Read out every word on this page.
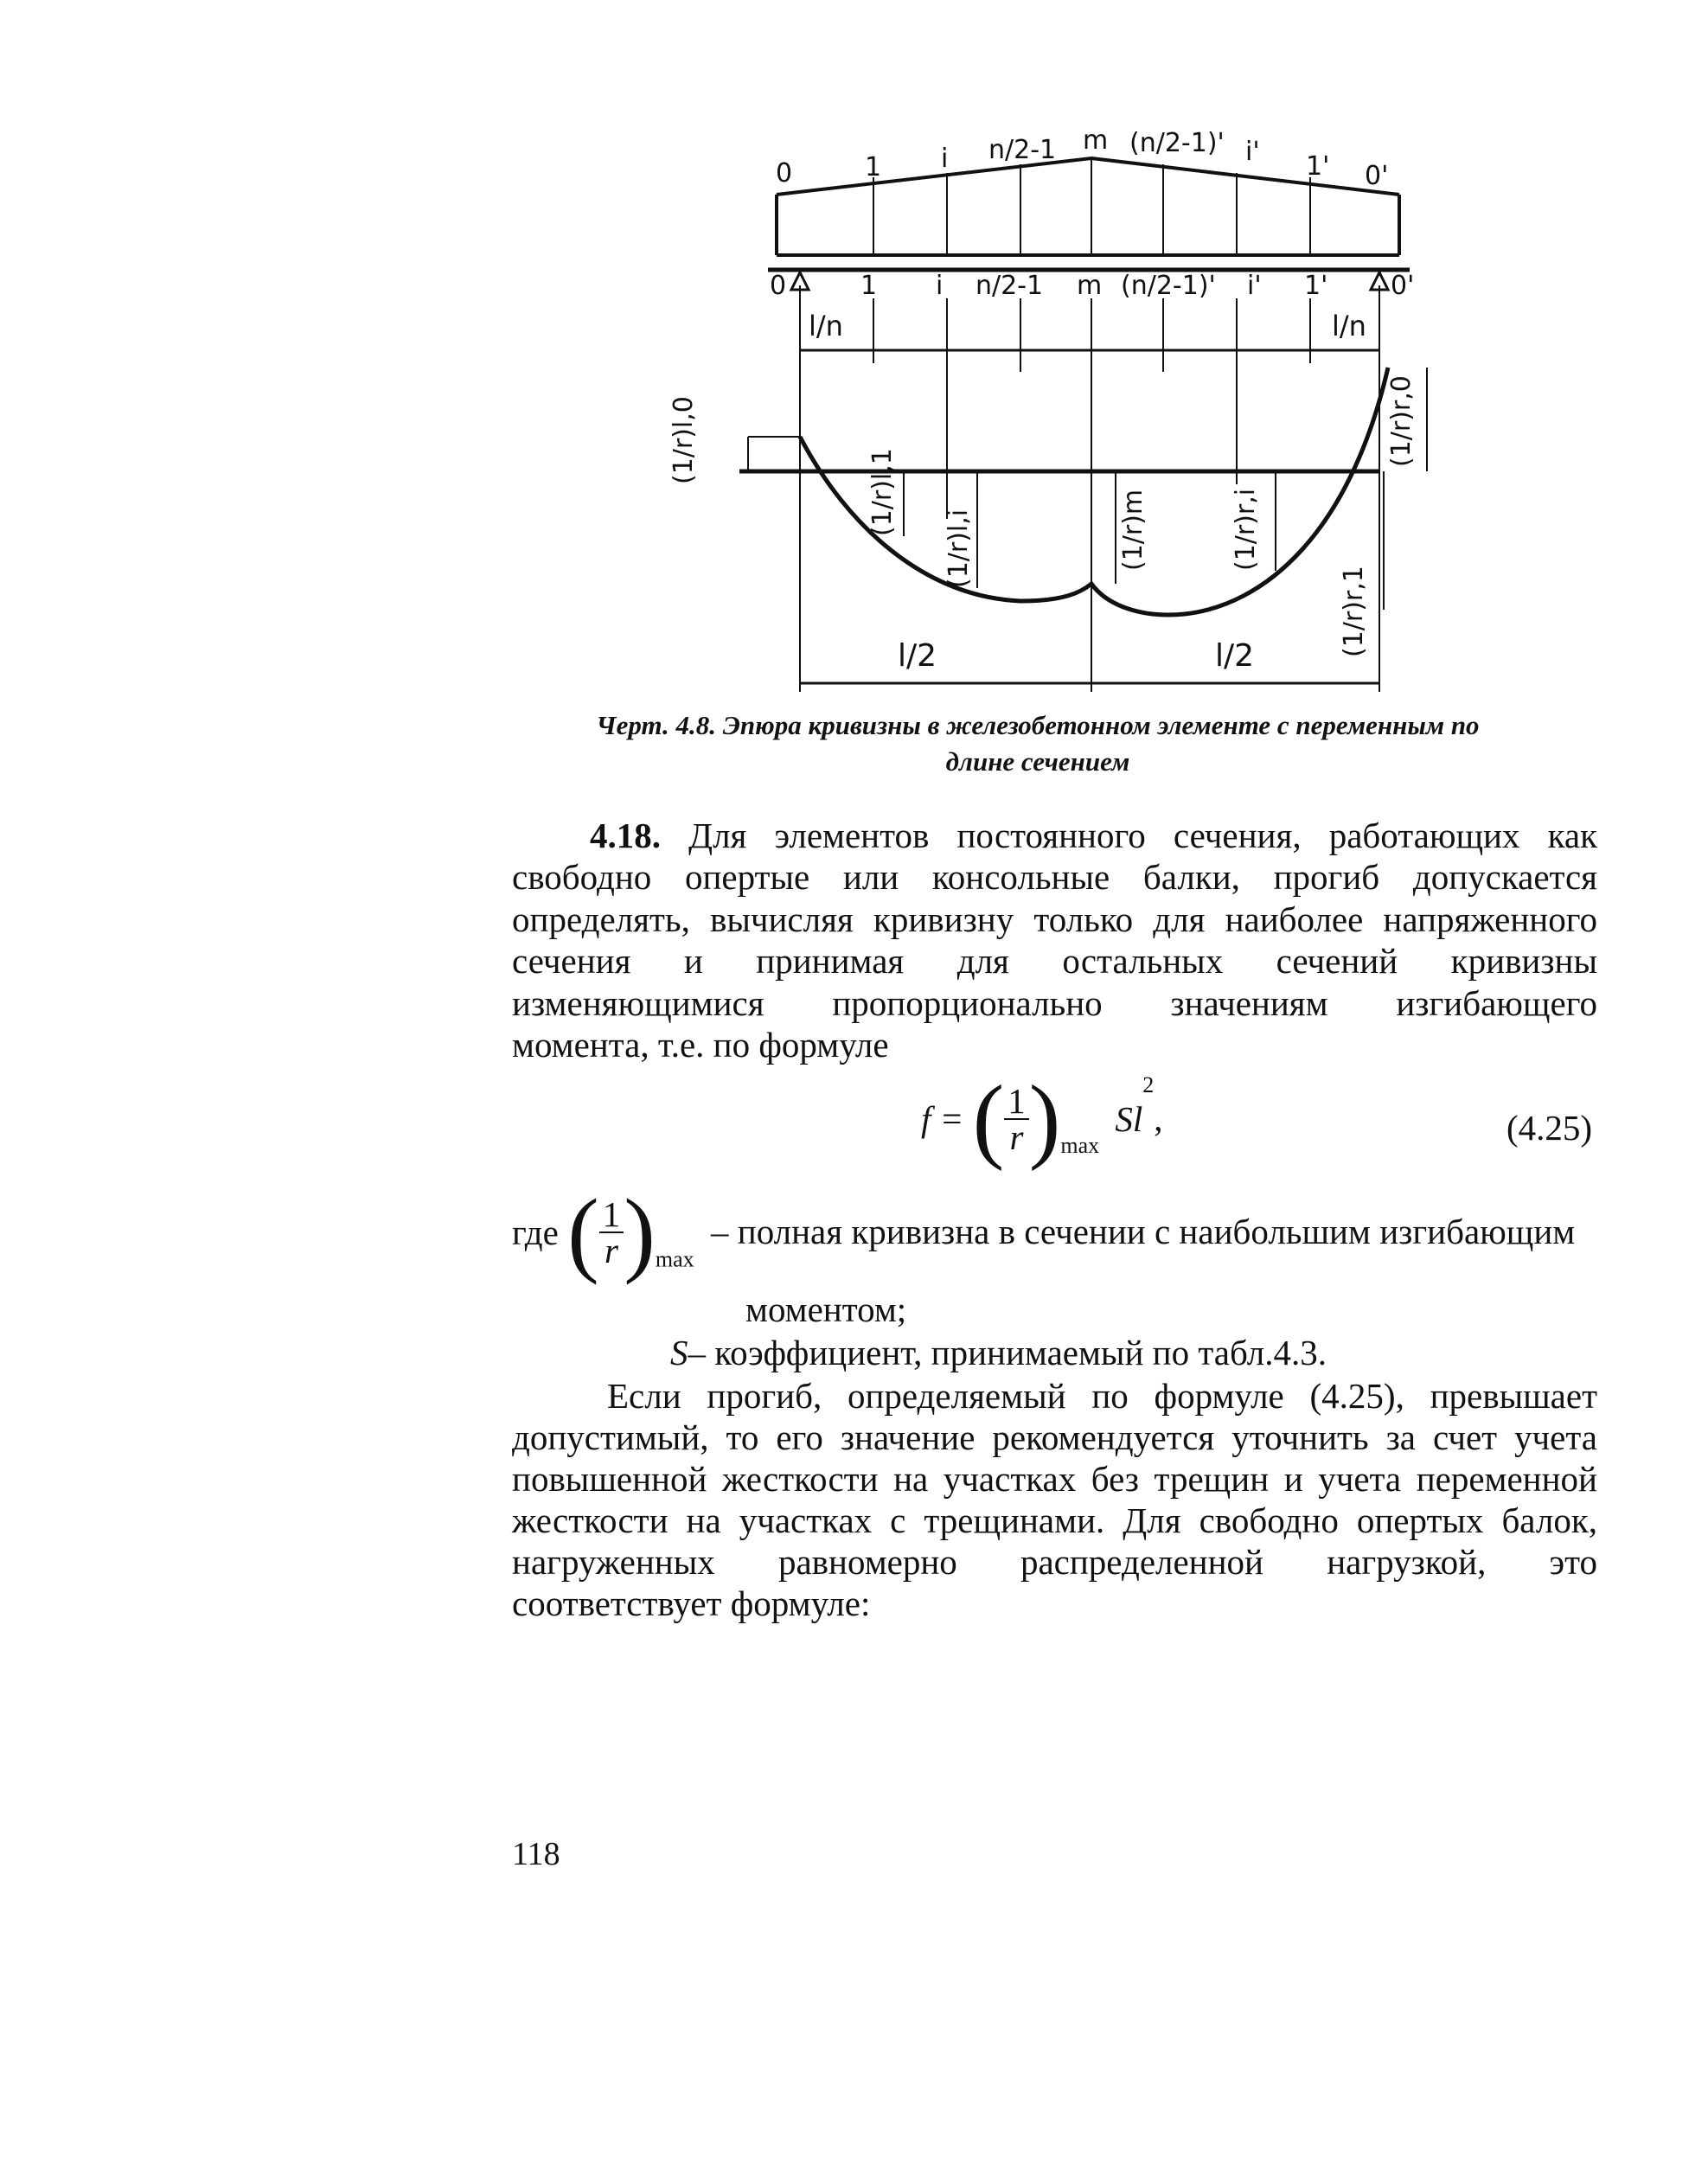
0	1 i n/2-1 m (n/2-1)' i' 1' 0'
0	1 i n/2-1 m (n/2-1)' i' 1' 0'
l/n	l/n
(1/r)l,0
(1/r)l,1
(1/r)l,i	(1/r)m	(1/r)r,i
(1/r)r,1
(1/r)r,0
l/2	l/2
Черт. 4.8. Эпюра кривизны в железобетонном элементе с переменным по
длине сечением
4.18. Для элементов постоянного сечения, работающих как
свободно опертые или консольные балки, прогиб допускается
определять, вычисляя кривизну только для наиболее напряженного
сечения и принимая для остальных сечений кривизны
изменяющимися пропорционально значениям изгибающего
момента, т.е. по формуле
f = ( $\frac{1}{r} )_{max}$ Sl$^2$,	(4.25)
где ( $\frac{1}{r} )_{max}$
– полная кривизна в сечении с наибольшим изгибающим
моментом;
S– коэффициент, принимаемый по табл.4.3.
Если прогиб, определяемый по формуле (4.25), превышает
допустимый, то его значение рекомендуется уточнить за счет учета
повышенной жесткости на участках без трещин и учета переменной
жесткости на участках с трещинами. Для свободно опертых балок,
нагруженных равномерно распределенной нагрузкой, это
соответствует формуле:
118
